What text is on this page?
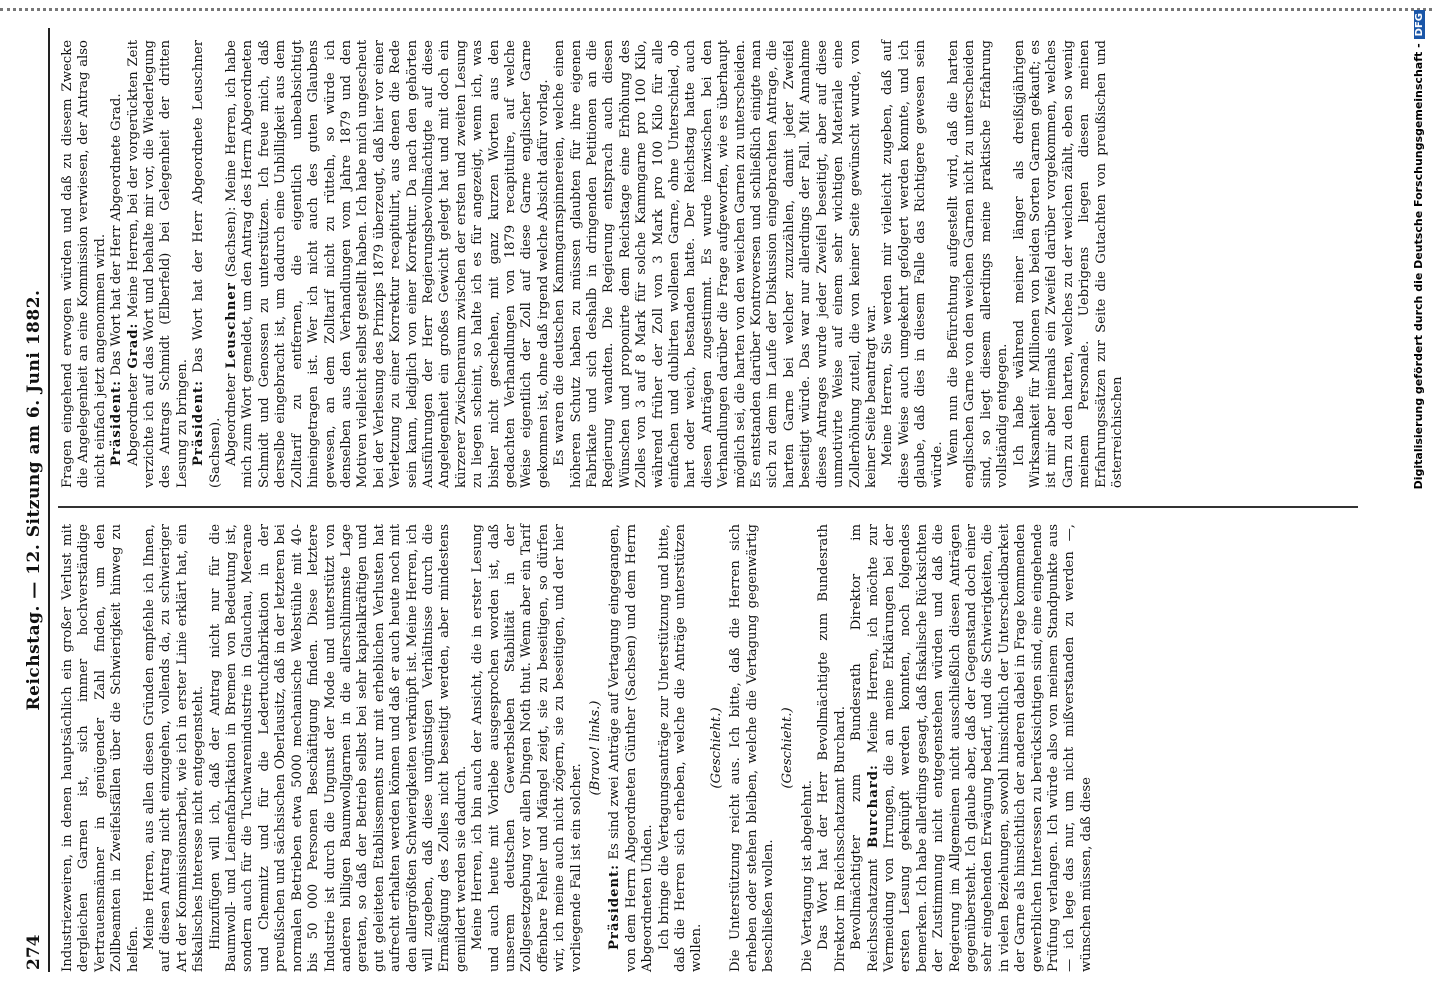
274
Reichstag. — 12. Sitzung am 6. Juni 1882.

Industriezweiren, in denen hauptsächlich ein großer Verlust mit dergleichen Garnen ist, sich immer hochverständige Vertrauensmänner in genügender Zahl finden, um den Zollbeamten in Zweifelsfällen über die Schwierigkeit hinweg zu helfen. Meine Herren, aus allen diesen Gründen empfehle ich Ihnen, auf diesen Antrag nicht einzugehen, vollends da, zu schwieriger Art der Kommissionsarbeit, wie ich in erster Linie erklärt hat, ein fiskalisches Interesse nicht entgegensteht. Hinzufügen will ich, daß der Antrag nicht nur für die Baumwoll- und Leinenfabrikation in Bremen von Bedeutung ist, sondern auch für die Tuchwarenindustrie in Glauchau, Meerane und Chemnitz und für die Ledertuchfabrikation in der preußischen und sächsischen Oberlausitz, daß in der letzteren bei normalen Betrieben etwa 5000 mechanische Webstühle mit 40- bis 50 000 Personen Beschäftigung finden. Diese letztere Industrie ist durch die Ungunst der Mode und unterstützt von anderen billigen Baumwollgarnen in die allerschlimmste Lage geraten, so daß der Betrieb selbst bei sehr kapitalkräftigen und gut geleiteten Etablissements nur mit erheblichen Verlusten hat aufrecht erhalten werden können und daß er auch heute noch mit den allergrößten Schwierigkeiten verknüpft ist. Meine Herren, ich will zugeben, daß diese ungünstigen Verhältnisse durch die Ermäßigung des Zolles nicht beseitigt werden, aber mindestens gemildert werden sie dadurch. Meine Herren, ich bin auch der Ansicht, die in erster Lesung und auch heute mit Vorliebe ausgesprochen worden ist, daß unserem deutschen Gewerbsleben Stabilität in der Zollgesetzgebung vor allen Dingen Noth thut. Wenn aber ein Tarif offenbare Fehler und Mängel zeigt, sie zu beseitigen, so dürfen wir, ich meine auch nicht zögern, sie zu beseitigen, und der hier vorliegende Fall ist ein solcher.

(Bravo! links.)

Präsident: Es sind zwei Anträge auf Vertagung eingegangen, von dem Herrn Abgeordneten Günther (Sachsen) und dem Herrn Abgeordneten Uhden. Ich bringe die Vertagungsanträge zur Unterstützung und bitte, daß die Herren sich erheben, welche die Anträge unterstützen wollen.

(Geschieht.) Die Unterstützung reicht aus. Ich bitte, daß die Herren sich erheben oder stehen bleiben, welche die Vertagung gegenwärtig beschließen wollen.

(Geschieht.)

Die Vertagung ist abgelehnt. Das Wort hat der Herr Bevollmächtigte zum Bundesrath Direktor im Reichsschatzamt Burchard. Bevollmächtigter zum Bundesrath Direktor im Reichsschatzamt Burchard: Meine Herren, ich möchte zur Vermeidung von Irrungen, die an meine Erklärungen bei der ersten Lesung geknüpft werden konnten, noch folgendes bemerken. Ich habe allerdings gesagt, daß fiskalische Rücksichten der Zustimmung nicht entgegenstehen würden und daß die Regierung im Allgemeinen nicht ausschließlich diesen Anträgen gegenübersteht. Ich glaube aber, daß der Gegenstand doch einer sehr eingehenden Erwägung bedarf, und die Schwierigkeiten, die in vielen Beziehungen, sowohl hinsichtlich der Unterscheidbarkeit der Garne als hinsichtlich der anderen dabei in Frage kommenden gewerblichen Interessen zu berücksichtigen sind, eine eingehende Prüfung verlangen. Ich würde also von meinem Standpunkte aus — ich lege das nur, um nicht mißverstanden zu werden —, wünschen müssen, daß diese

Fragen eingehend erwogen würden und daß zu diesem Zwecke die Angelegenheit an eine Kommission verwiesen, der Antrag also nicht einfach jetzt angenommen wird. Präsident: Das Wort hat der Herr Abgeordnete Grad.

Abgeordneter Grad: Meine Herren, bei der vorgerückten Zeit verzichte ich auf das Wort und behalte mir vor, die Wiederlegung des Antrags Schmidt (Elberfeld) bei Gelegenheit der dritten Lesung zu bringen. Präsident: Das Wort hat der Herr Abgeordnete Leuschner (Sachsen). Abgeordneter Leuschner (Sachsen): Meine Herren, ich habe mich zum Wort gemeldet, um den Antrag des Herrn Abgeordneten Schmidt und Genossen zu unterstützen. Ich freue mich, daß derselbe eingebracht ist, um dadurch eine Unbilligkeit aus dem Zolltarif zu entfernen, die eigentlich unbeabsichtigt hineingetragen ist. Wer ich nicht auch des guten Glaubens gewesen, an dem Zolltarif nicht zu rütteln, so würde ich denselben aus den Verhandlungen vom Jahre 1879 und den Motiven vielleicht selbst gestellt haben. Ich habe mich ungescheut bei der Verlesung des Prinzips 1879 überzeugt, daß hier vor einer Verletzung zu einer Korrektur recapitulirt, aus denen die Rede sein kann, lediglich von einer Korrektur. Da nach den gehörten Ausführungen der Herr Regierungsbevollmächtigte auf diese Angelegenheit ein großes Gewicht gelegt hat und mit doch ein kürzerer Zwischenraum zwischen der ersten und zweiten Lesung zu liegen scheint, so halte ich es für angezeigt, wenn ich, was bisher nicht geschehen, mit ganz kurzen Worten aus den gedachten Verhandlungen von 1879 recapitulire, auf welche Weise eigentlich der Zoll auf diese Garne englischer Garne gekommen ist, ohne daß irgend welche Absicht dafür vorlag. Es waren die deutschen Kammgarnspinnereien, welche einen höheren Schutz haben zu müssen glaubten für ihre eigenen Fabrikate und sich deshalb in dringenden Petitionen an die Regierung wandten. Die Regierung entsprach auch diesen Wünschen und proponirte dem Reichstage eine Erhöhung des Zolles von 3 auf 8 Mark für solche Kammgarne pro 100 Kilo, während früher der Zoll von 3 Mark pro 100 Kilo für alle einfachen und dublirten wollenen Garne, ohne Unterschied, ob hart oder weich, bestanden hatte. Der Reichstag hatte auch diesen Anträgen zugestimmt. Es wurde inzwischen bei den Verhandlungen darüber die Frage aufgeworfen, wie es überhaupt möglich sei, die harten von den weichen Garnen zu unterscheiden. Es entstanden darüber Kontroversen und schließlich einigte man sich zu dem im Laufe der Diskussion eingebrachten Antrage, die harten Garne bei welcher zuzuzählen, damit jeder Zweifel beseitigt würde. Das war nur allerdings der Fall. Mit Annahme dieses Antrages wurde jeder Zweifel beseitigt, aber auf diese unmotivirte Weise auf einem sehr wichtigen Materiale eine Zollerhöhung zuteil, die von keiner Seite gewünscht wurde, von keiner Seite beantragt war. Meine Herren, Sie werden mir vielleicht zugeben, daß auf diese Weise auch umgekehrt gefolgert werden konnte, und ich glaube, daß dies in diesem Falle das Richtigere gewesen sein würde. Wenn nun die Befürchtung aufgestellt wird, daß die harten englischen Garne von den weichen Garnen nicht zu unterscheiden sind, so liegt diesem allerdings meine praktische Erfahrung vollständig entgegen. Ich habe während meiner länger als dreißigjährigen Wirksamkeit für Millionen von beiden Sorten Garnen gekauft; es ist mir aber niemals ein Zweifel darüber vorgekommen, welches Garn zu den harten, welches zu der weichen zählt, eben so wenig meinem Personale. Uebrigens liegen diesen meinen Erfahrungssätzen zur Seite die Gutachten von preußischen und österreichischen	Digitalisierung gefördert durch die Deutsche Forschungsgemeinschaft -DFG
